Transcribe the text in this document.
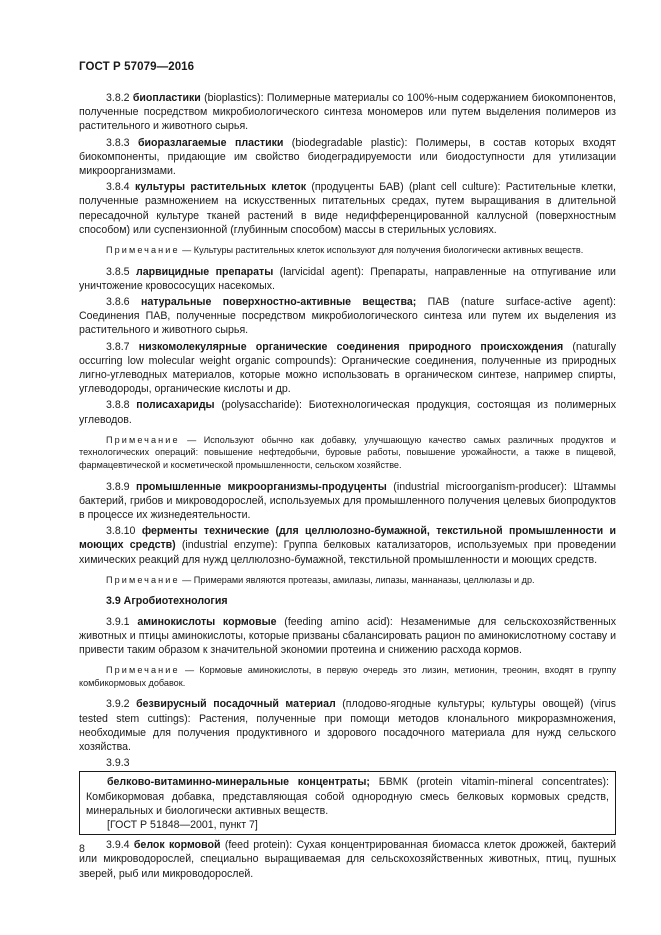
ГОСТ Р 57079—2016

3.8.2 биопластики (bioplastics): Полимерные материалы со 100%-ным содержанием биокомпонентов, полученные посредством микробиологического синтеза мономеров или путем выделения полимеров из растительного и животного сырья.

3.8.3 биоразлагаемые пластики (biodegradable plastic): Полимеры, в состав которых входят биокомпоненты, придающие им свойство биодеградируемости или биодоступности для утилизации микроорганизмами.

3.8.4 культуры растительных клеток (продуценты БАВ) (plant cell culture): Растительные клетки, полученные размножением на искусственных питательных средах, путем выращивания в длительной пересадочной культуре тканей растений в виде недифференцированной каллусной (поверхностным способом) или суспензионной (глубинным способом) массы в стерильных условиях.

Примечание — Культуры растительных клеток используют для получения биологически активных веществ.

3.8.5 ларвицидные препараты (larvicidal agent): Препараты, направленные на отпугивание или уничтожение кровососущих насекомых.

3.8.6 натуральные поверхностно-активные вещества; ПАВ (nature surface-active agent): Соединения ПАВ, полученные посредством микробиологического синтеза или путем их выделения из растительного и животного сырья.

3.8.7 низкомолекулярные органические соединения природного происхождения (naturally occurring low molecular weight organic compounds): Органические соединения, полученные из природных лигно-углеводных материалов, которые можно использовать в органическом синтезе, например спирты, углеводороды, органические кислоты и др.

3.8.8 полисахариды (polysaccharide): Биотехнологическая продукция, состоящая из полимерных углеводов.

Примечание — Используют обычно как добавку, улучшающую качество самых различных продуктов и технологических операций: повышение нефтедобычи, буровые работы, повышение урожайности, а также в пищевой, фармацевтической и косметической промышленности, сельском хозяйстве.

3.8.9 промышленные микроорганизмы-продуценты (industrial microorganism-producer): Штаммы бактерий, грибов и микроводорослей, используемых для промышленного получения целевых биопродуктов в процессе их жизнедеятельности.

3.8.10 ферменты технические (для целлюлозно-бумажной, текстильной промышленности и моющих средств) (industrial enzyme): Группа белковых катализаторов, используемых при проведении химических реакций для нужд целлюлозно-бумажной, текстильной промышленности и моющих средств.

Примечание — Примерами являются протеазы, амилазы, липазы, маннаназы, целлюлазы и др.

3.9 Агробиотехнология

3.9.1 аминокислоты кормовые (feeding amino acid): Незаменимые для сельскохозяйственных животных и птицы аминокислоты, которые призваны сбалансировать рацион по аминокислотному составу и привести таким образом к значительной экономии протеина и снижению расхода кормов.

Примечание — Кормовые аминокислоты, в первую очередь это лизин, метионин, треонин, входят в группу комбикормовых добавок.

3.9.2 безвирусный посадочный материал (плодово-ягодные культуры; культуры овощей) (virus tested stem cuttings): Растения, полученные при помощи методов клонального микроразмножения, необходимые для получения продуктивного и здорового посадочного материала для нужд сельского хозяйства.

3.9.3

белково-витаминно-минеральные концентраты; БВМК (protein vitamin-mineral concentrates): Комбикормовая добавка, представляющая собой однородную смесь белковых кормовых средств, минеральных и биологически активных веществ.

[ГОСТ Р 51848—2001, пункт 7]

3.9.4 белок кормовой (feed protein): Сухая концентрированная биомасса клеток дрожжей, бактерий или микроводорослей, специально выращиваемая для сельскохозяйственных животных, птиц, пушных зверей, рыб или микроводорослей.

8
